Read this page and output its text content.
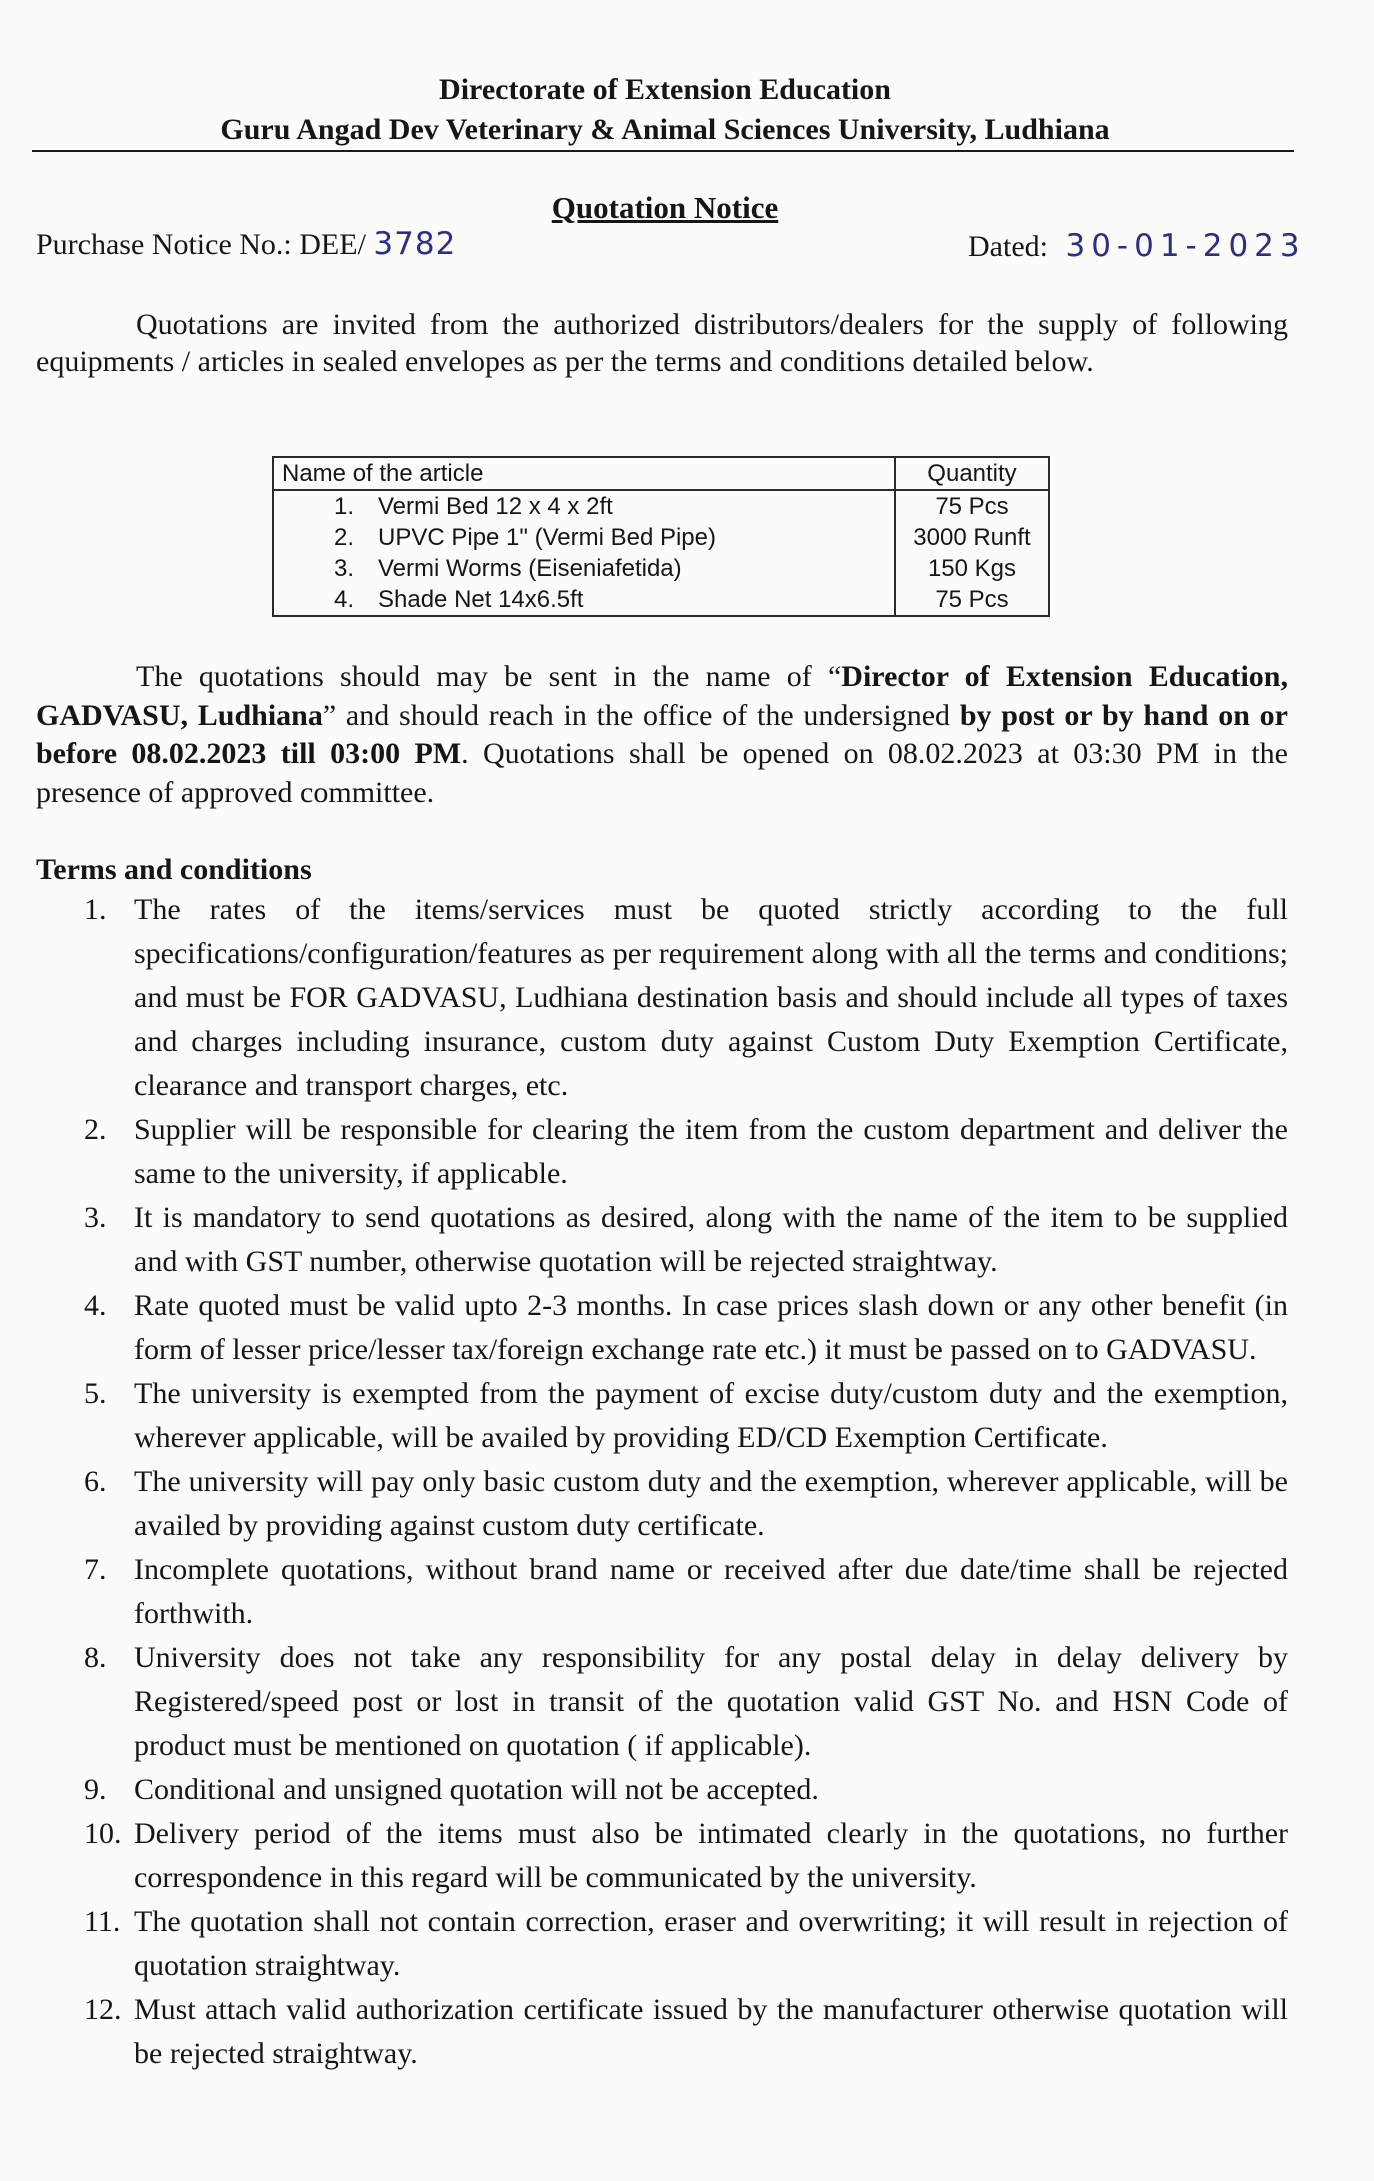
Directorate of Extension Education
Guru Angad Dev Veterinary & Animal Sciences University, Ludhiana
Quotation Notice
Purchase Notice No.: DEE/ 3782	Dated: 30-01-2023
Quotations are invited from the authorized distributors/dealers for the supply of following equipments / articles in sealed envelopes as per the terms and conditions detailed below.
Name of the article	Quantity
1. Vermi Bed 12 x 4 x 2ft	75 Pcs
2. UPVC Pipe 1" (Vermi Bed Pipe)	3000 Runft
3. Vermi Worms (Eiseniafetida)	150 Kgs
4. Shade Net 14x6.5ft	75 Pcs
The quotations should may be sent in the name of “Director of Extension Education, GADVASU, Ludhiana” and should reach in the office of the undersigned by post or by hand on or before 08.02.2023 till 03:00 PM. Quotations shall be opened on 08.02.2023 at 03:30 PM in the presence of approved committee.
Terms and conditions
1. The rates of the items/services must be quoted strictly according to the full specifications/configuration/features as per requirement along with all the terms and conditions; and must be FOR GADVASU, Ludhiana destination basis and should include all types of taxes and charges including insurance, custom duty against Custom Duty Exemption Certificate, clearance and transport charges, etc.
2. Supplier will be responsible for clearing the item from the custom department and deliver the same to the university, if applicable.
3. It is mandatory to send quotations as desired, along with the name of the item to be supplied and with GST number, otherwise quotation will be rejected straightway.
4. Rate quoted must be valid upto 2-3 months. In case prices slash down or any other benefit (in form of lesser price/lesser tax/foreign exchange rate etc.) it must be passed on to GADVASU.
5. The university is exempted from the payment of excise duty/custom duty and the exemption, wherever applicable, will be availed by providing ED/CD Exemption Certificate.
6. The university will pay only basic custom duty and the exemption, wherever applicable, will be availed by providing against custom duty certificate.
7. Incomplete quotations, without brand name or received after due date/time shall be rejected forthwith.
8. University does not take any responsibility for any postal delay in delay delivery by Registered/speed post or lost in transit of the quotation valid GST No. and HSN Code of product must be mentioned on quotation ( if applicable).
9. Conditional and unsigned quotation will not be accepted.
10. Delivery period of the items must also be intimated clearly in the quotations, no further correspondence in this regard will be communicated by the university.
11. The quotation shall not contain correction, eraser and overwriting; it will result in rejection of quotation straightway.
12. Must attach valid authorization certificate issued by the manufacturer otherwise quotation will be rejected straightway.
